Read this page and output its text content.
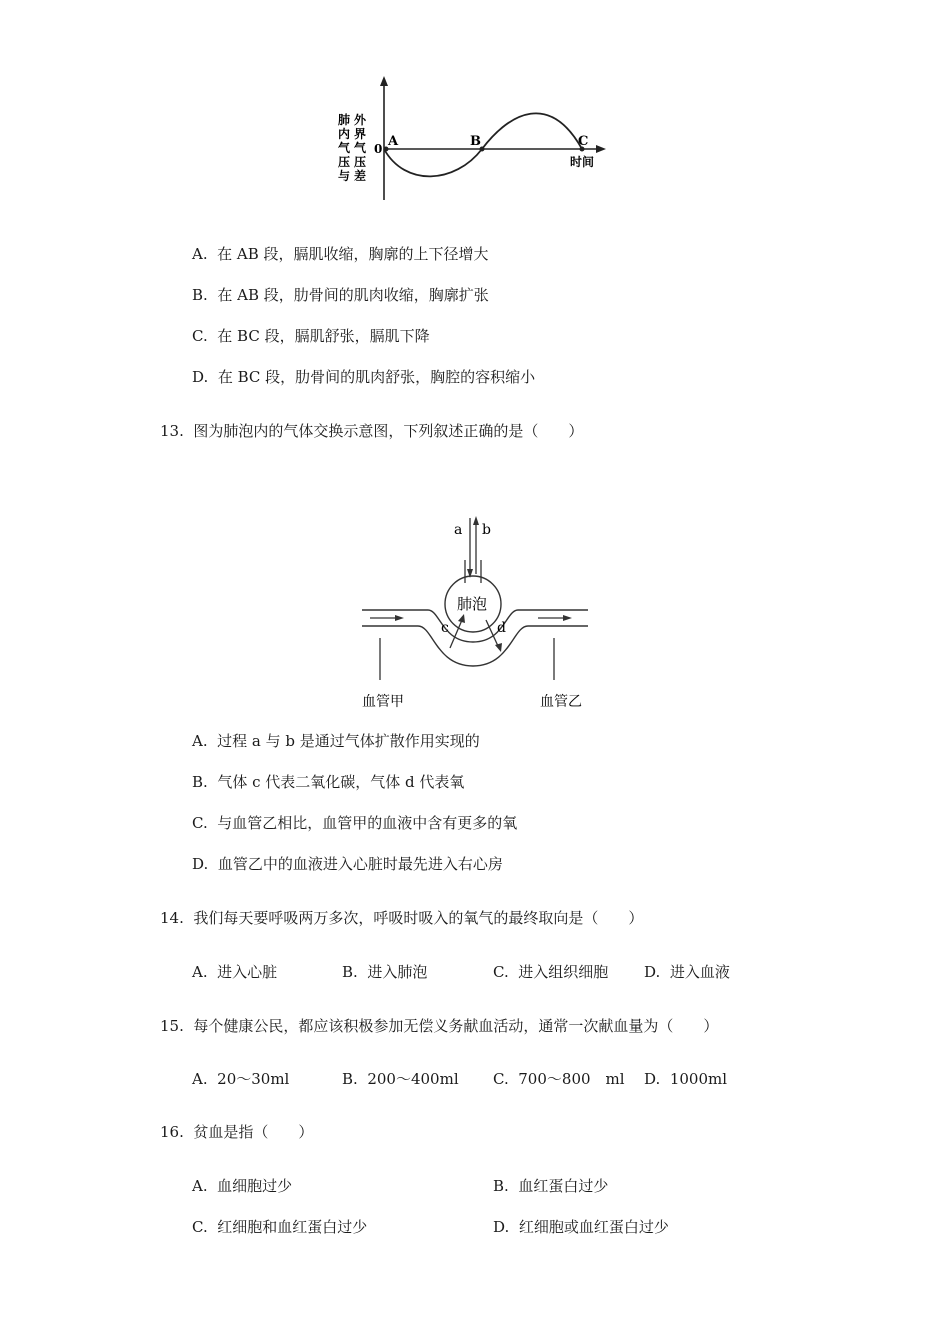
肺
内
气
压
与
外
界
气
压
差
0 A	B	C
时间
A. 在 AB 段，膈肌收缩，胸廓的上下径增大
B. 在 AB 段，肋骨间的肌肉收缩，胸廓扩张
C. 在 BC 段，膈肌舒张，膈肌下降
D. 在 BC 段，肋骨间的肌肉舒张，胸腔的容积缩小
13. 图为肺泡内的气体交换示意图，下列叙述正确的是（　　）
a b
肺泡
c	d
血管甲	血管乙
A. 过程 a 与 b 是通过气体扩散作用实现的
B. 气体 c 代表二氧化碳，气体 d 代表氧
C. 与血管乙相比，血管甲的血液中含有更多的氧
D. 血管乙中的血液进入心脏时最先进入右心房
14. 我们每天要呼吸两万多次，呼吸时吸入的氧气的最终取向是（　　）
A. 进入心脏	B. 进入肺泡	C. 进入组织细胞 D. 进入血液
15. 每个健康公民，都应该积极参加无偿义务献血活动，通常一次献血量为（　　）
A. 20～30ml	B. 200～400ml C. 700～800　ml D. 1000ml
16. 贫血是指（　　）
A. 血细胞过少	B. 血红蛋白过少
C. 红细胞和血红蛋白过少	D. 红细胞或血红蛋白过少
